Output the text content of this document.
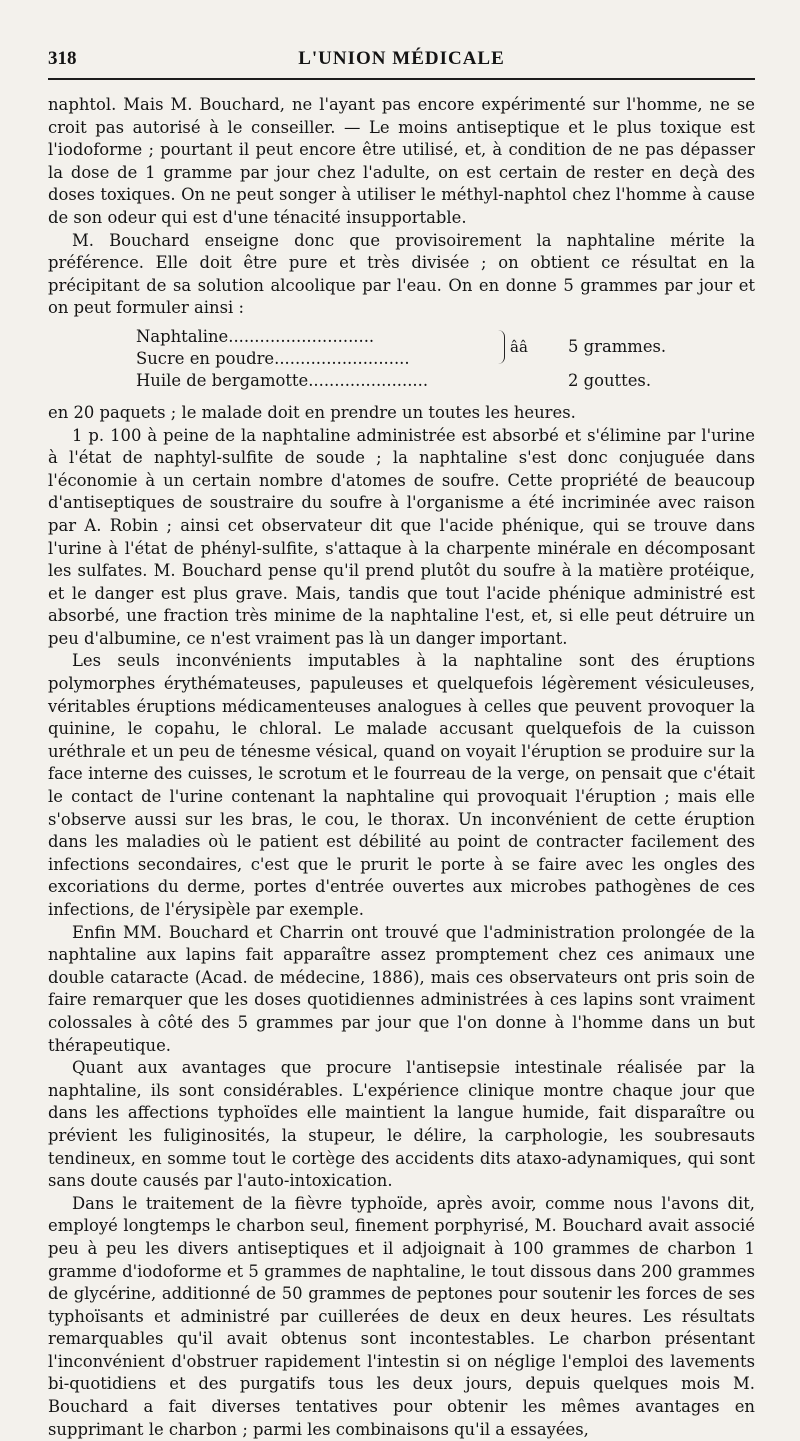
318	L'UNION MÉDICALE

naphtol. Mais M. Bouchard, ne l'ayant pas encore expérimenté sur l'homme, ne se croit pas autorisé à le conseiller. — Le moins antiseptique et le plus toxique est l'iodoforme ; pourtant il peut encore être utilisé, et, à condition de ne pas dépasser la dose de 1 gramme par jour chez l'adulte, on est certain de rester en deçà des doses toxiques. On ne peut songer à utiliser le méthyl-naphtol chez l'homme à cause de son odeur qui est d'une ténacité insupportable.

M. Bouchard enseigne donc que provisoirement la naphtaline mérite la préférence. Elle doit être pure et très divisée ; on obtient ce résultat en la précipitant de sa solution alcoolique par l'eau. On en donne 5 grammes par jour et on peut formuler ainsi :

Naphtaline............................
Sucre en poudre..........................
Huile de bergamotte.......................
ââ 5 grammes.
2 gouttes.

en 20 paquets ; le malade doit en prendre un toutes les heures.

1 p. 100 à peine de la naphtaline administrée est absorbé et s'élimine par l'urine à l'état de naphtyl-sulfite de soude ; la naphtaline s'est donc conjuguée dans l'économie à un certain nombre d'atomes de soufre. Cette propriété de beaucoup d'antiseptiques de soustraire du soufre à l'organisme a été incriminée avec raison par A. Robin ; ainsi cet observateur dit que l'acide phénique, qui se trouve dans l'urine à l'état de phényl-sulfite, s'attaque à la charpente minérale en décomposant les sulfates. M. Bouchard pense qu'il prend plutôt du soufre à la matière protéique, et le danger est plus grave. Mais, tandis que tout l'acide phénique administré est absorbé, une fraction très minime de la naphtaline l'est, et, si elle peut détruire un peu d'albumine, ce n'est vraiment pas là un danger important.

Les seuls inconvénients imputables à la naphtaline sont des éruptions polymorphes érythémateuses, papuleuses et quelquefois légèrement vésiculeuses, véritables éruptions médicamenteuses analogues à celles que peuvent provoquer la quinine, le copahu, le chloral. Le malade accusant quelquefois de la cuisson uréthrale et un peu de ténesme vésical, quand on voyait l'éruption se produire sur la face interne des cuisses, le scrotum et le fourreau de la verge, on pensait que c'était le contact de l'urine contenant la naphtaline qui provoquait l'éruption ; mais elle s'observe aussi sur les bras, le cou, le thorax. Un inconvénient de cette éruption dans les maladies où le patient est débilité au point de contracter facilement des infections secondaires, c'est que le prurit le porte à se faire avec les ongles des excoriations du derme, portes d'entrée ouvertes aux microbes pathogènes de ces infections, de l'érysipèle par exemple.

Enfin MM. Bouchard et Charrin ont trouvé que l'administration prolongée de la naphtaline aux lapins fait apparaître assez promptement chez ces animaux une double cataracte (Acad. de médecine, 1886), mais ces observateurs ont pris soin de faire remarquer que les doses quotidiennes administrées à ces lapins sont vraiment colossales à côté des 5 grammes par jour que l'on donne à l'homme dans un but thérapeutique.

Quant aux avantages que procure l'antisepsie intestinale réalisée par la naphtaline, ils sont considérables. L'expérience clinique montre chaque jour que dans les affections typhoïdes elle maintient la langue humide, fait disparaître ou prévient les fuliginosités, la stupeur, le délire, la carphologie, les soubresauts tendineux, en somme tout le cortège des accidents dits ataxo-adynamiques, qui sont sans doute causés par l'auto-intoxication.

Dans le traitement de la fièvre typhoïde, après avoir, comme nous l'avons dit, employé longtemps le charbon seul, finement porphyrisé, M. Bouchard avait associé peu à peu les divers antiseptiques et il adjoignait à 100 grammes de charbon 1 gramme d'iodoforme et 5 grammes de naphtaline, le tout dissous dans 200 grammes de glycérine, additionné de 50 grammes de peptones pour soutenir les forces de ses typhoïsants et administré par cuillerées de deux en deux heures. Les résultats remarquables qu'il avait obtenus sont incontestables. Le charbon présentant l'inconvénient d'obstruer rapidement l'intestin si on néglige l'emploi des lavements bi-quotidiens et des purgatifs tous les deux jours, depuis quelques mois M. Bouchard a fait diverses tentatives pour obtenir les mêmes avantages en supprimant le charbon ; parmi les combinaisons qu'il a essayées,
